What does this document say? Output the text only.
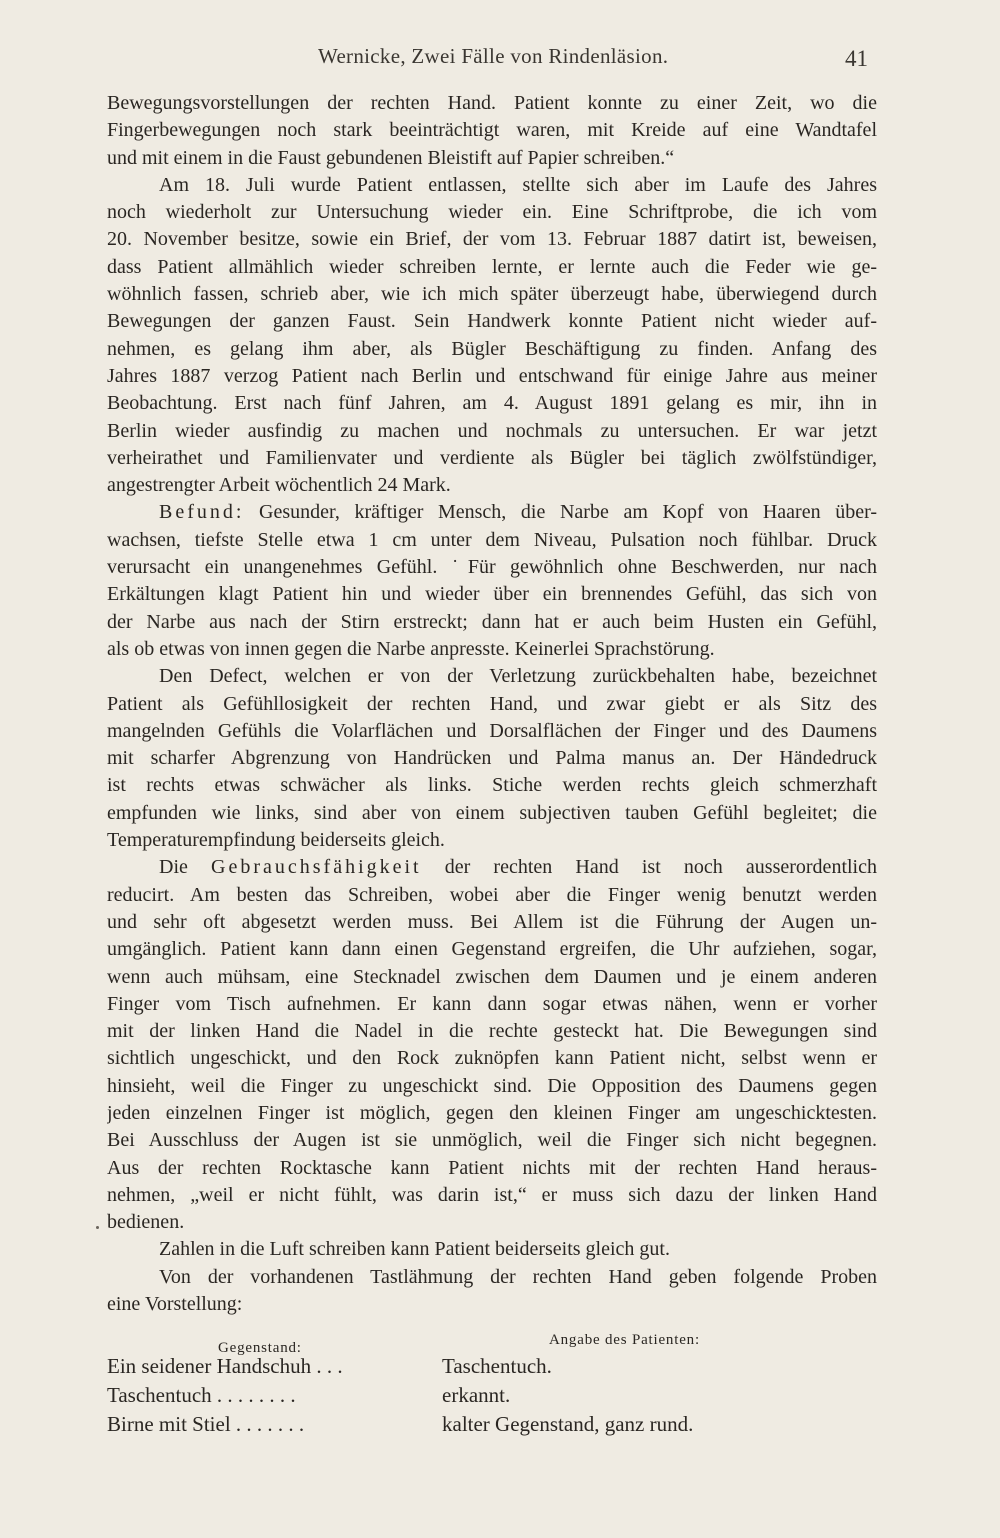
Wernicke, Zwei Fälle von Rindenläsion.	41
Bewegungsvorstellungen der rechten Hand. Patient konnte zu einer Zeit, wo die
Fingerbewegungen noch stark beeinträchtigt waren, mit Kreide auf eine Wandtafel
und mit einem in die Faust gebundenen Bleistift auf Papier schreiben.“
Am 18. Juli wurde Patient entlassen, stellte sich aber im Laufe des Jahres
noch wiederholt zur Untersuchung wieder ein. Eine Schriftprobe, die ich vom
20. November besitze, sowie ein Brief, der vom 13. Februar 1887 datirt ist, beweisen,
dass Patient allmählich wieder schreiben lernte, er lernte auch die Feder wie ge-
wöhnlich fassen, schrieb aber, wie ich mich später überzeugt habe, überwiegend durch
Bewegungen der ganzen Faust. Sein Handwerk konnte Patient nicht wieder auf-
nehmen, es gelang ihm aber, als Bügler Beschäftigung zu finden. Anfang des
Jahres 1887 verzog Patient nach Berlin und entschwand für einige Jahre aus meiner
Beobachtung. Erst nach fünf Jahren, am 4. August 1891 gelang es mir, ihn in
Berlin wieder ausfindig zu machen und nochmals zu untersuchen. Er war jetzt
verheirathet und Familienvater und verdiente als Bügler bei täglich zwölfstündiger,
angestrengter Arbeit wöchentlich 24 Mark.
Befund: Gesunder, kräftiger Mensch, die Narbe am Kopf von Haaren über-
wachsen, tiefste Stelle etwa 1 cm unter dem Niveau, Pulsation noch fühlbar. Druck
verursacht ein unangenehmes Gefühl. ˙Für gewöhnlich ohne Beschwerden, nur nach
Erkältungen klagt Patient hin und wieder über ein brennendes Gefühl, das sich von
der Narbe aus nach der Stirn erstreckt; dann hat er auch beim Husten ein Gefühl,
als ob etwas von innen gegen die Narbe anpresste. Keinerlei Sprachstörung.
Den Defect, welchen er von der Verletzung zurückbehalten habe, bezeichnet
Patient als Gefühllosigkeit der rechten Hand, und zwar giebt er als Sitz des
mangelnden Gefühls die Volarflächen und Dorsalflächen der Finger und des Daumens
mit scharfer Abgrenzung von Handrücken und Palma manus an. Der Händedruck
ist rechts etwas schwächer als links. Stiche werden rechts gleich schmerzhaft
empfunden wie links, sind aber von einem subjectiven tauben Gefühl begleitet; die
Temperaturempfindung beiderseits gleich.
Die Gebrauchsfähigkeit der rechten Hand ist noch ausserordentlich
reducirt. Am besten das Schreiben, wobei aber die Finger wenig benutzt werden
und sehr oft abgesetzt werden muss. Bei Allem ist die Führung der Augen un-
umgänglich. Patient kann dann einen Gegenstand ergreifen, die Uhr aufziehen, sogar,
wenn auch mühsam, eine Stecknadel zwischen dem Daumen und je einem anderen
Finger vom Tisch aufnehmen. Er kann dann sogar etwas nähen, wenn er vorher
mit der linken Hand die Nadel in die rechte gesteckt hat. Die Bewegungen sind
sichtlich ungeschickt, und den Rock zuknöpfen kann Patient nicht, selbst wenn er
hinsieht, weil die Finger zu ungeschickt sind. Die Opposition des Daumens gegen
jeden einzelnen Finger ist möglich, gegen den kleinen Finger am ungeschicktesten.
Bei Ausschluss der Augen ist sie unmöglich, weil die Finger sich nicht begegnen.
Aus der rechten Rocktasche kann Patient nichts mit der rechten Hand heraus-
nehmen, „weil er nicht fühlt, was darin ist,“ er muss sich dazu der linken Hand
bedienen.
Zahlen in die Luft schreiben kann Patient beiderseits gleich gut.
Von der vorhandenen Tastlähmung der rechten Hand geben folgende Proben
eine Vorstellung:
Gegenstand:	Angabe des Patienten:
Ein seidener Handschuh . . .	Taschentuch.
Taschentuch . . . . . . . .	erkannt.
Birne mit Stiel . . . . . . .	kalter Gegenstand, ganz rund.
